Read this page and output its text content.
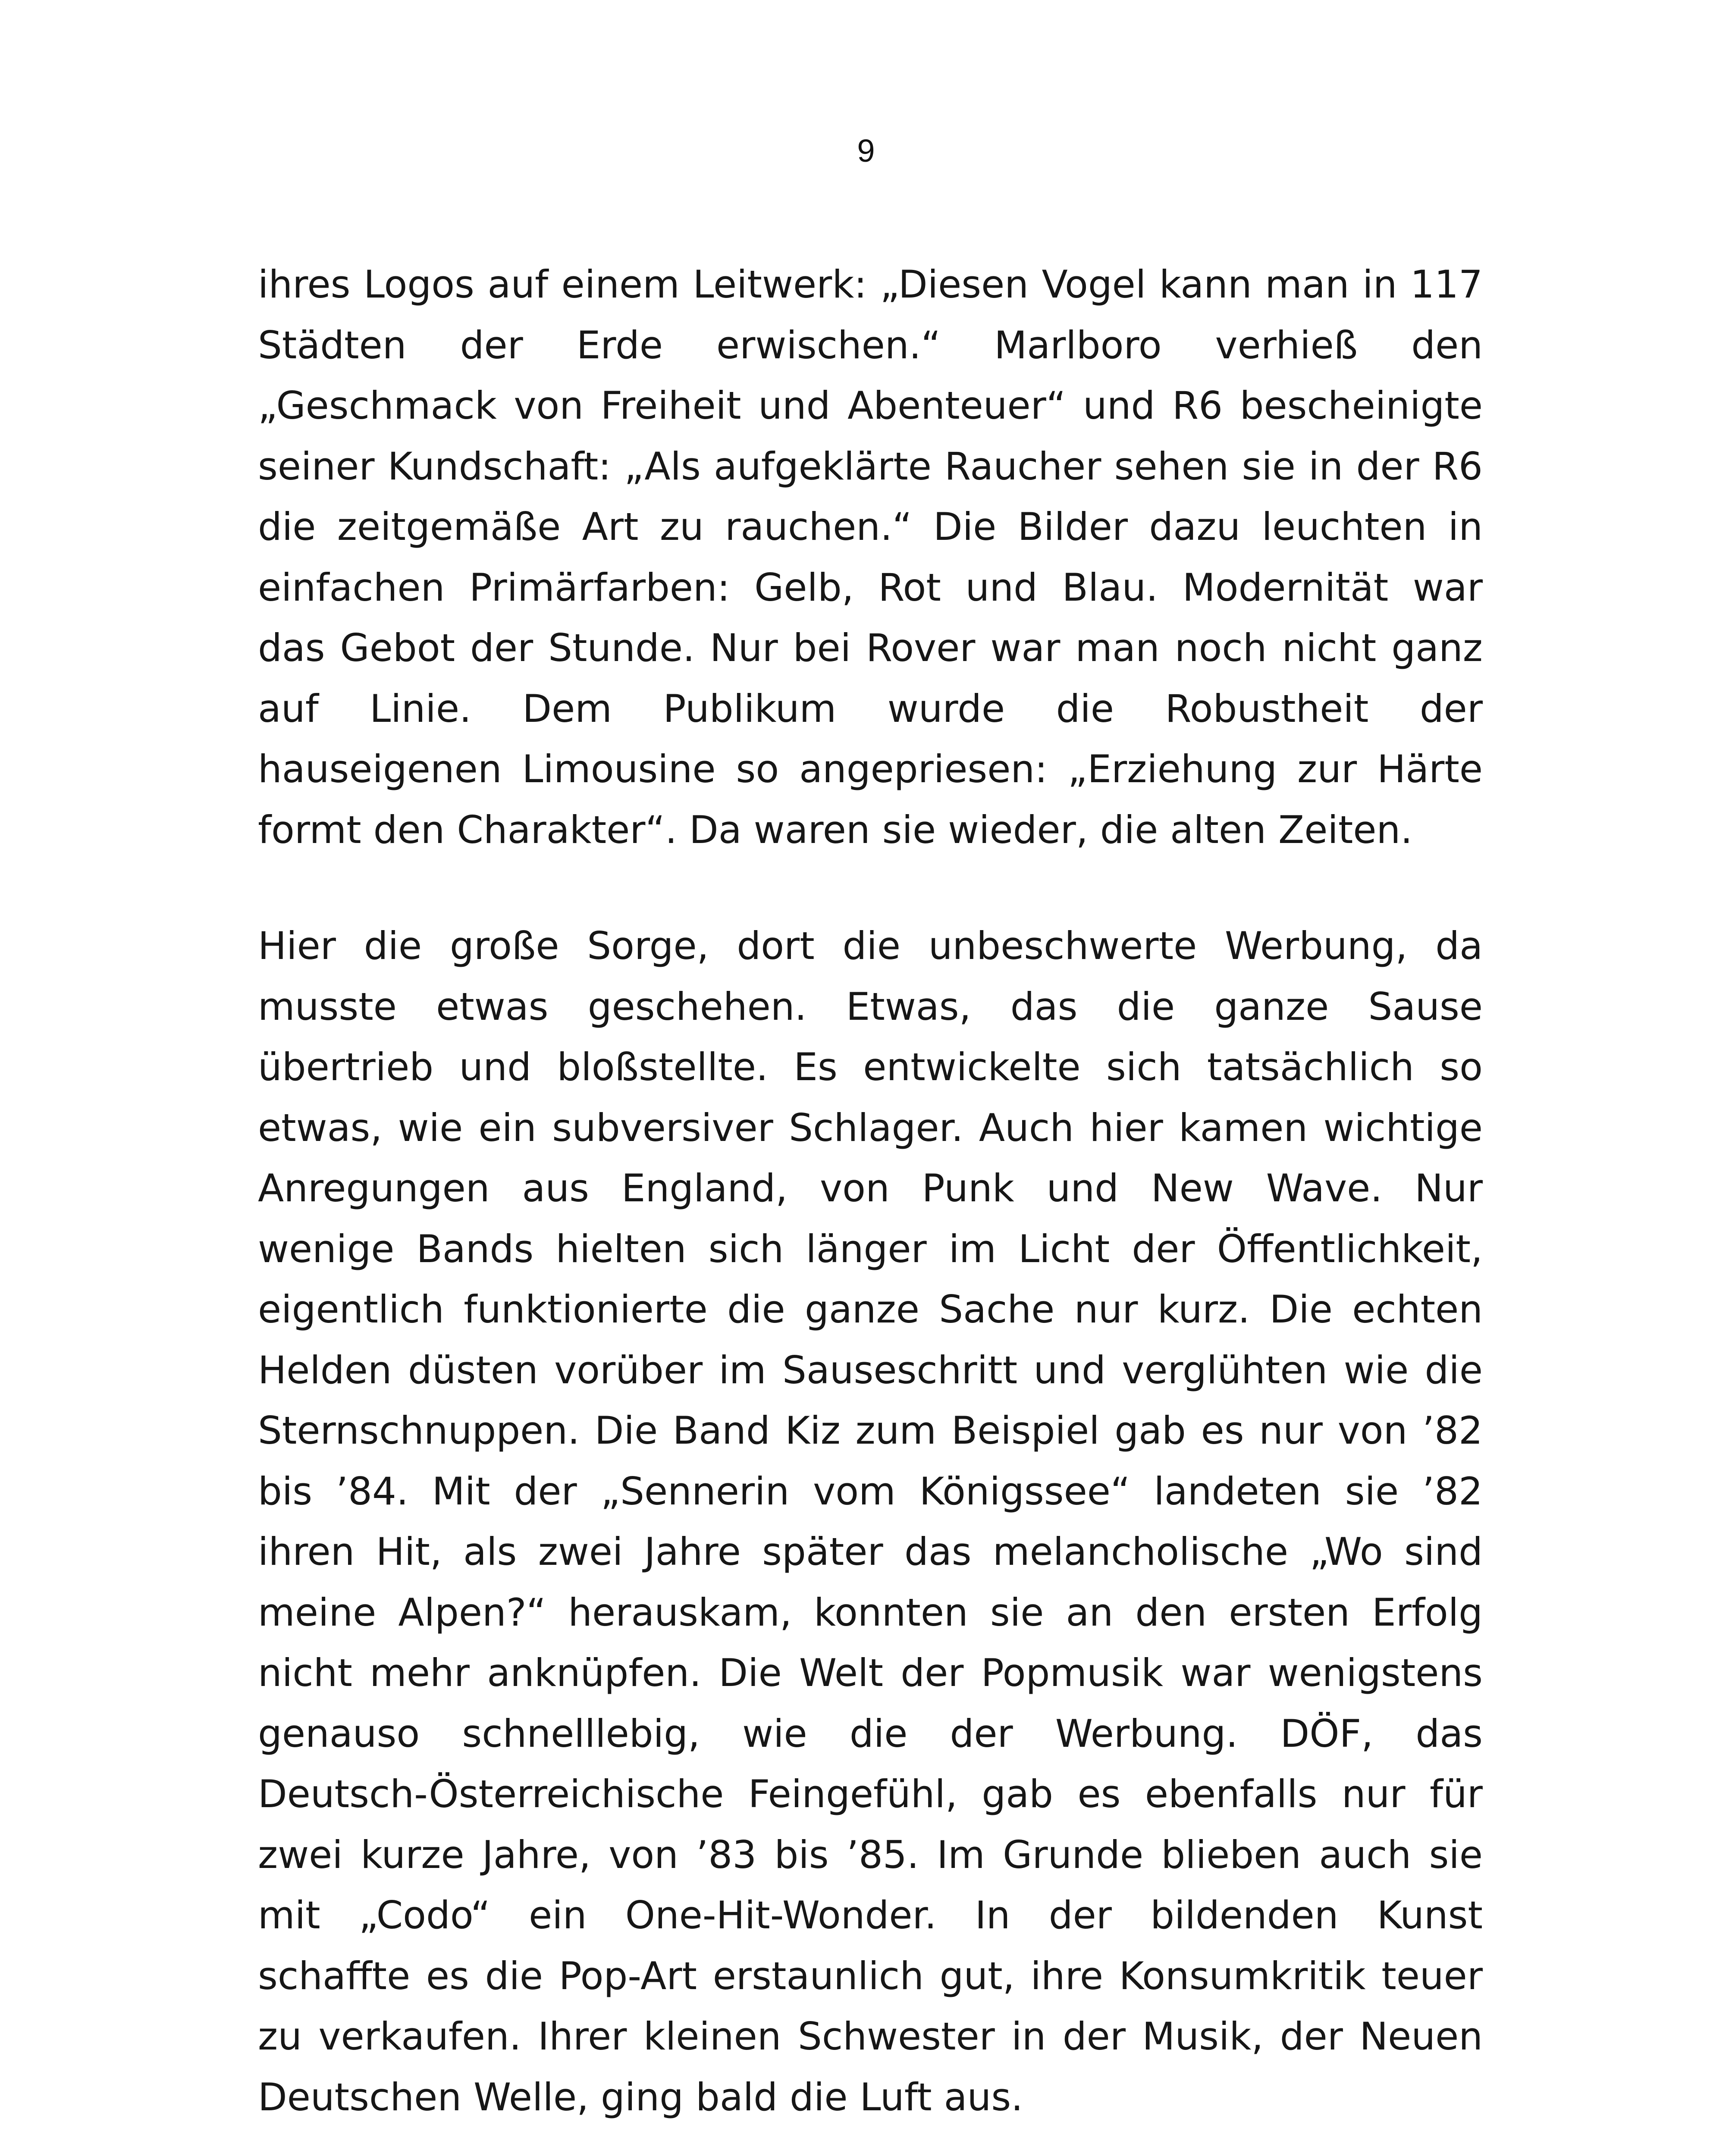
9
ihres Logos auf einem Leitwerk: „Diesen Vogel kann man in 117
Städten der Erde erwischen.“ Marlboro verhieß den
„Geschmack von Freiheit und Abenteuer“ und R6 bescheinigte
seiner Kundschaft: „Als aufgeklärte Raucher sehen sie in der R6
die zeitgemäße Art zu rauchen.“ Die Bilder dazu leuchten in
einfachen Primärfarben: Gelb, Rot und Blau. Modernität war
das Gebot der Stunde. Nur bei Rover war man noch nicht ganz
auf Linie. Dem Publikum wurde die Robustheit der
hauseigenen Limousine so angepriesen: „Erziehung zur Härte
formt den Charakter“. Da waren sie wieder, die alten Zeiten.
Hier die große Sorge, dort die unbeschwerte Werbung, da
musste etwas geschehen. Etwas, das die ganze Sause
übertrieb und bloßstellte. Es entwickelte sich tatsächlich so
etwas, wie ein subversiver Schlager. Auch hier kamen wichtige
Anregungen aus England, von Punk und New Wave. Nur
wenige Bands hielten sich länger im Licht der Öffentlichkeit,
eigentlich funktionierte die ganze Sache nur kurz. Die echten
Helden düsten vorüber im Sauseschritt und verglühten wie die
Sternschnuppen. Die Band Kiz zum Beispiel gab es nur von ’82
bis ’84. Mit der „Sennerin vom Königssee“ landeten sie ’82
ihren Hit, als zwei Jahre später das melancholische „Wo sind
meine Alpen?“ herauskam, konnten sie an den ersten Erfolg
nicht mehr anknüpfen. Die Welt der Popmusik war wenigstens
genauso schnelllebig, wie die der Werbung. DÖF, das
Deutsch-Österreichische Feingefühl, gab es ebenfalls nur für
zwei kurze Jahre, von ’83 bis ’85. Im Grunde blieben auch sie
mit „Codo“ ein One-Hit-Wonder. In der bildenden Kunst
schaffte es die Pop-Art erstaunlich gut, ihre Konsumkritik teuer
zu verkaufen. Ihrer kleinen Schwester in der Musik, der Neuen
Deutschen Welle, ging bald die Luft aus.
